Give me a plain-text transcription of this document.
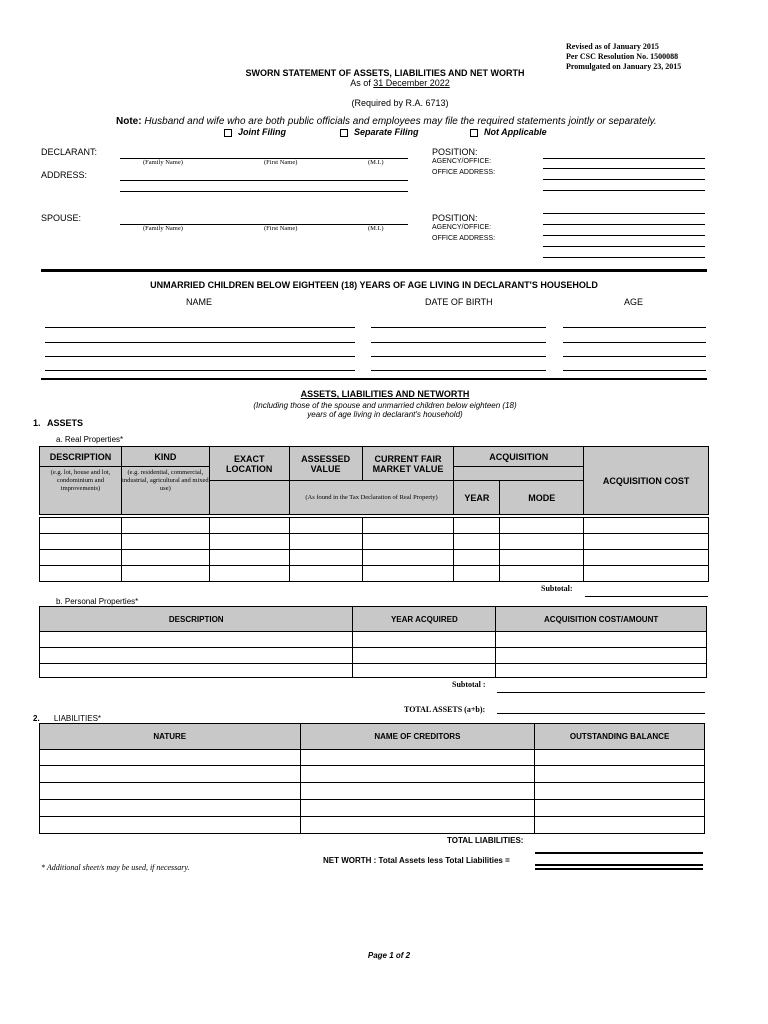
Revised as of January 2015
Per CSC Resolution No. 1500088
Promulgated on January 23, 2015
SWORN STATEMENT OF ASSETS, LIABILITIES AND NET WORTH
As of 31 December 2022
(Required by R.A. 6713)
Note: Husband and wife who are both public officials and employees may file the required statements jointly or separately.
Joint Filing	Separate Filing	Not Applicable
DECLARANT:
(Family Name)	(First Name)	(M.I.)
ADDRESS:
POSITION:
AGENCY/OFFICE:
OFFICE ADDRESS:
SPOUSE:
(Family Name)	(First Name)	(M.I.)
POSITION:
AGENCY/OFFICE:
OFFICE ADDRESS:
UNMARRIED CHILDREN BELOW EIGHTEEN (18) YEARS OF AGE LIVING IN DECLARANT'S HOUSEHOLD
NAME	DATE OF BIRTH	AGE
ASSETS, LIABILITIES AND NETWORTH
(Including those of the spouse and unmarried children below eighteen (18)
years of age living in declarant's household)
1. ASSETS
a. Real Properties*
DESCRIPTION	KIND	EXACT LOCATION	ASSESSED VALUE	CURRENT FAIR MARKET VALUE	ACQUISITION		ACQUISITION COST
(e.g. lot, house and lot, condominium and improvements)	(e.g. residential, commercial, industrial, agricultural and mixed use)						
			(As found in the Tax Declaration of Real Property)		YEAR	MODE	

Subtotal:
b. Personal Properties*
DESCRIPTION	YEAR ACQUIRED	ACQUISITION COST/AMOUNT

Subtotal :
TOTAL ASSETS (a+b):
2. LIABILITIES*
NATURE	NAME OF CREDITORS	OUTSTANDING BALANCE

TOTAL LIABILITIES:
NET WORTH : Total Assets less Total Liabilities =
* Additional sheet/s may be used, if necessary.
Page 1 of 2
